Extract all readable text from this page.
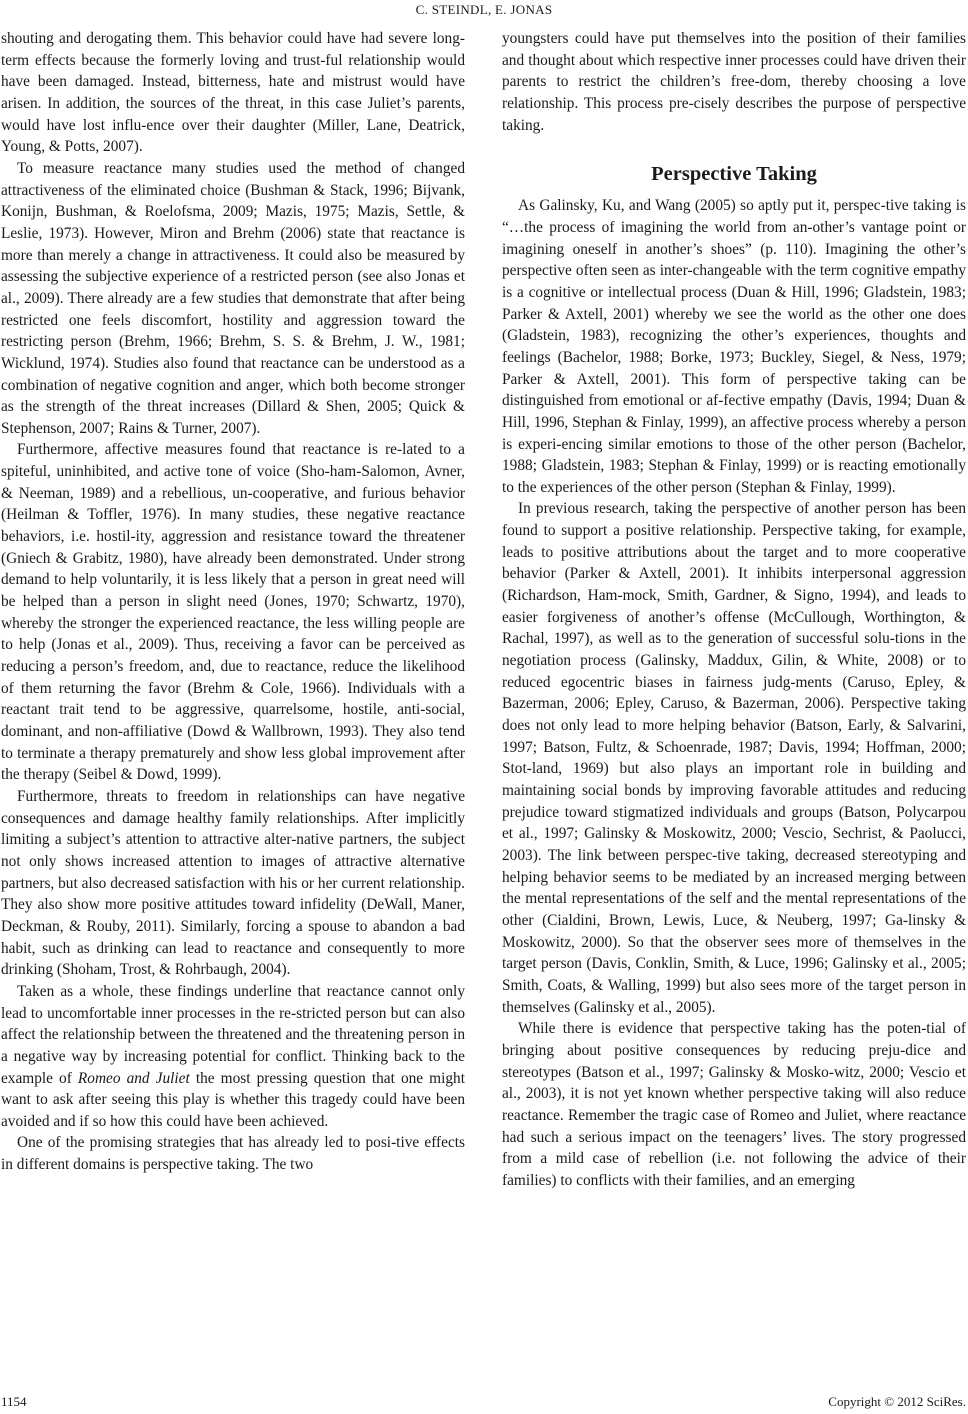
C. STEINDL, E. JONAS

shouting and derogating them. This behavior could have had severe long-term effects because the formerly loving and trust-ful relationship would have been damaged. Instead, bitterness, hate and mistrust would have arisen. In addition, the sources of the threat, in this case Juliet’s parents, would have lost influ-ence over their daughter (Miller, Lane, Deatrick, Young, & Potts, 2007).

To measure reactance many studies used the method of changed attractiveness of the eliminated choice (Bushman & Stack, 1996; Bijvank, Konijn, Bushman, & Roelofsma, 2009; Mazis, 1975; Mazis, Settle, & Leslie, 1973). However, Miron and Brehm (2006) state that reactance is more than merely a change in attractiveness. It could also be measured by assessing the subjective experience of a restricted person (see also Jonas et al., 2009). There already are a few studies that demonstrate that after being restricted one feels discomfort, hostility and aggression toward the restricting person (Brehm, 1966; Brehm, S. S. & Brehm, J. W., 1981; Wicklund, 1974). Studies also found that reactance can be understood as a combination of negative cognition and anger, which both become stronger as the strength of the threat increases (Dillard & Shen, 2005; Quick & Stephenson, 2007; Rains & Turner, 2007).

Furthermore, affective measures found that reactance is re-lated to a spiteful, uninhibited, and active tone of voice (Sho-ham-Salomon, Avner, & Neeman, 1989) and a rebellious, un-cooperative, and furious behavior (Heilman & Toffler, 1976). In many studies, these negative reactance behaviors, i.e. hostil-ity, aggression and resistance toward the threatener (Gniech & Grabitz, 1980), have already been demonstrated. Under strong demand to help voluntarily, it is less likely that a person in great need will be helped than a person in slight need (Jones, 1970; Schwartz, 1970), whereby the stronger the experienced reactance, the less willing people are to help (Jonas et al., 2009). Thus, receiving a favor can be perceived as reducing a person’s freedom, and, due to reactance, reduce the likelihood of them returning the favor (Brehm & Cole, 1966). Individuals with a reactant trait tend to be aggressive, quarrelsome, hostile, anti-social, dominant, and non-affiliative (Dowd & Wallbrown, 1993). They also tend to terminate a therapy prematurely and show less global improvement after the therapy (Seibel & Dowd, 1999).

Furthermore, threats to freedom in relationships can have negative consequences and damage healthy family relationships. After implicitly limiting a subject’s attention to attractive alter-native partners, the subject not only shows increased attention to images of attractive alternative partners, but also decreased satisfaction with his or her current relationship. They also show more positive attitudes toward infidelity (DeWall, Maner, Deckman, & Rouby, 2011). Similarly, forcing a spouse to abandon a bad habit, such as drinking can lead to reactance and consequently to more drinking (Shoham, Trost, & Rohrbaugh, 2004).

Taken as a whole, these findings underline that reactance cannot only lead to uncomfortable inner processes in the re-stricted person but can also affect the relationship between the threatened and the threatening person in a negative way by increasing potential for conflict. Thinking back to the example of Romeo and Juliet the most pressing question that one might want to ask after seeing this play is whether this tragedy could have been avoided and if so how this could have been achieved.

One of the promising strategies that has already led to posi-tive effects in different domains is perspective taking. The two

youngsters could have put themselves into the position of their families and thought about which respective inner processes could have driven their parents to restrict the children’s free-dom, thereby choosing a love relationship. This process pre-cisely describes the purpose of perspective taking.

Perspective Taking

As Galinsky, Ku, and Wang (2005) so aptly put it, perspec-tive taking is “…the process of imagining the world from an-other’s vantage point or imagining oneself in another’s shoes” (p. 110). Imagining the other’s perspective often seen as inter-changeable with the term cognitive empathy is a cognitive or intellectual process (Duan & Hill, 1996; Gladstein, 1983; Parker & Axtell, 2001) whereby we see the world as the other one does (Gladstein, 1983), recognizing the other’s experiences, thoughts and feelings (Bachelor, 1988; Borke, 1973; Buckley, Siegel, & Ness, 1979; Parker & Axtell, 2001). This form of perspective taking can be distinguished from emotional or af-fective empathy (Davis, 1994; Duan & Hill, 1996, Stephan & Finlay, 1999), an affective process whereby a person is experi-encing similar emotions to those of the other person (Bachelor, 1988; Gladstein, 1983; Stephan & Finlay, 1999) or is reacting emotionally to the experiences of the other person (Stephan & Finlay, 1999).

In previous research, taking the perspective of another person has been found to support a positive relationship. Perspective taking, for example, leads to positive attributions about the target and to more cooperative behavior (Parker & Axtell, 2001). It inhibits interpersonal aggression (Richardson, Ham-mock, Smith, Gardner, & Signo, 1994), and leads to easier forgiveness of another’s offense (McCullough, Worthington, & Rachal, 1997), as well as to the generation of successful solu-tions in the negotiation process (Galinsky, Maddux, Gilin, & White, 2008) or to reduced egocentric biases in fairness judg-ments (Caruso, Epley, & Bazerman, 2006; Epley, Caruso, & Bazerman, 2006). Perspective taking does not only lead to more helping behavior (Batson, Early, & Salvarini, 1997; Batson, Fultz, & Schoenrade, 1987; Davis, 1994; Hoffman, 2000; Stot-land, 1969) but also plays an important role in building and maintaining social bonds by improving favorable attitudes and reducing prejudice toward stigmatized individuals and groups (Batson, Polycarpou et al., 1997; Galinsky & Moskowitz, 2000; Vescio, Sechrist, & Paolucci, 2003). The link between perspec-tive taking, decreased stereotyping and helping behavior seems to be mediated by an increased merging between the mental representations of the self and the mental representations of the other (Cialdini, Brown, Lewis, Luce, & Neuberg, 1997; Ga-linsky & Moskowitz, 2000). So that the observer sees more of themselves in the target person (Davis, Conklin, Smith, & Luce, 1996; Galinsky et al., 2005; Smith, Coats, & Walling, 1999) but also sees more of the target person in themselves (Galinsky et al., 2005).

While there is evidence that perspective taking has the poten-tial of bringing about positive consequences by reducing preju-dice and stereotypes (Batson et al., 1997; Galinsky & Mosko-witz, 2000; Vescio et al., 2003), it is not yet known whether perspective taking will also reduce reactance. Remember the tragic case of Romeo and Juliet, where reactance had such a serious impact on the teenagers’ lives. The story progressed from a mild case of rebellion (i.e. not following the advice of their families) to conflicts with their families, and an emerging

1154	Copyright © 2012 SciRes.
